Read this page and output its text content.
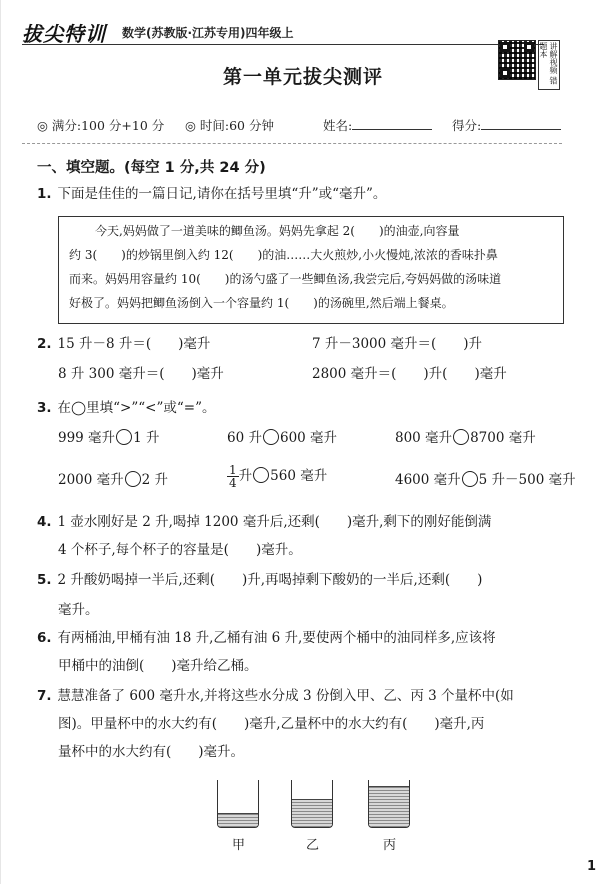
拔尖特训 数学(苏教版·江苏专用)四年级上
讲解视频 错题本
第一单元拔尖测评
◎ 满分:100 分+10 分 ◎ 时间:60 分钟	姓名:	得分:
一、填空题。(每空 1 分,共 24 分)
1. 下面是佳佳的一篇日记,请你在括号里填“升”或“毫升”。
今天,妈妈做了一道美味的鲫鱼汤。妈妈先拿起 2(　　)的油壶,向容量
约 3(　　)的炒锅里倒入约 12(　　)的油……大火煎炒,小火慢炖,浓浓的香味扑鼻
而来。妈妈用容量约 10(　　)的汤勺盛了一些鲫鱼汤,我尝完后,夸妈妈做的汤味道
好极了。妈妈把鲫鱼汤倒入一个容量约 1(　　)的汤碗里,然后端上餐桌。
2. 15 升－8 升＝(　　)毫升	7 升－3000 毫升＝(　　)升
8 升 300 毫升＝(　　)毫升	2800 毫升＝(　　)升(　　)毫升
3. 在◯里填“>”“<”或“=”。
999 毫升 1 升	60 升 600 毫升	800 毫升 8700 毫升
2000 毫升 2 升	$\frac{1}{4}$ 升 560 毫升	4600 毫升 5 升－500 毫升
4. 1 壶水刚好是 2 升,喝掉 1200 毫升后,还剩(　　)毫升,剩下的刚好能倒满
4 个杯子,每个杯子的容量是(　　)毫升。
5. 2 升酸奶喝掉一半后,还剩(　　)升,再喝掉剩下酸奶的一半后,还剩(　　)
毫升。
6. 有两桶油,甲桶有油 18 升,乙桶有油 6 升,要使两个桶中的油同样多,应该将
甲桶中的油倒(　　)毫升给乙桶。
7. 慧慧准备了 600 毫升水,并将这些水分成 3 份倒入甲、乙、丙 3 个量杯中(如
图)。甲量杯中的水大约有(　　)毫升,乙量杯中的水大约有(　　)毫升,丙
量杯中的水大约有(　　)毫升。
甲	乙	丙
1
